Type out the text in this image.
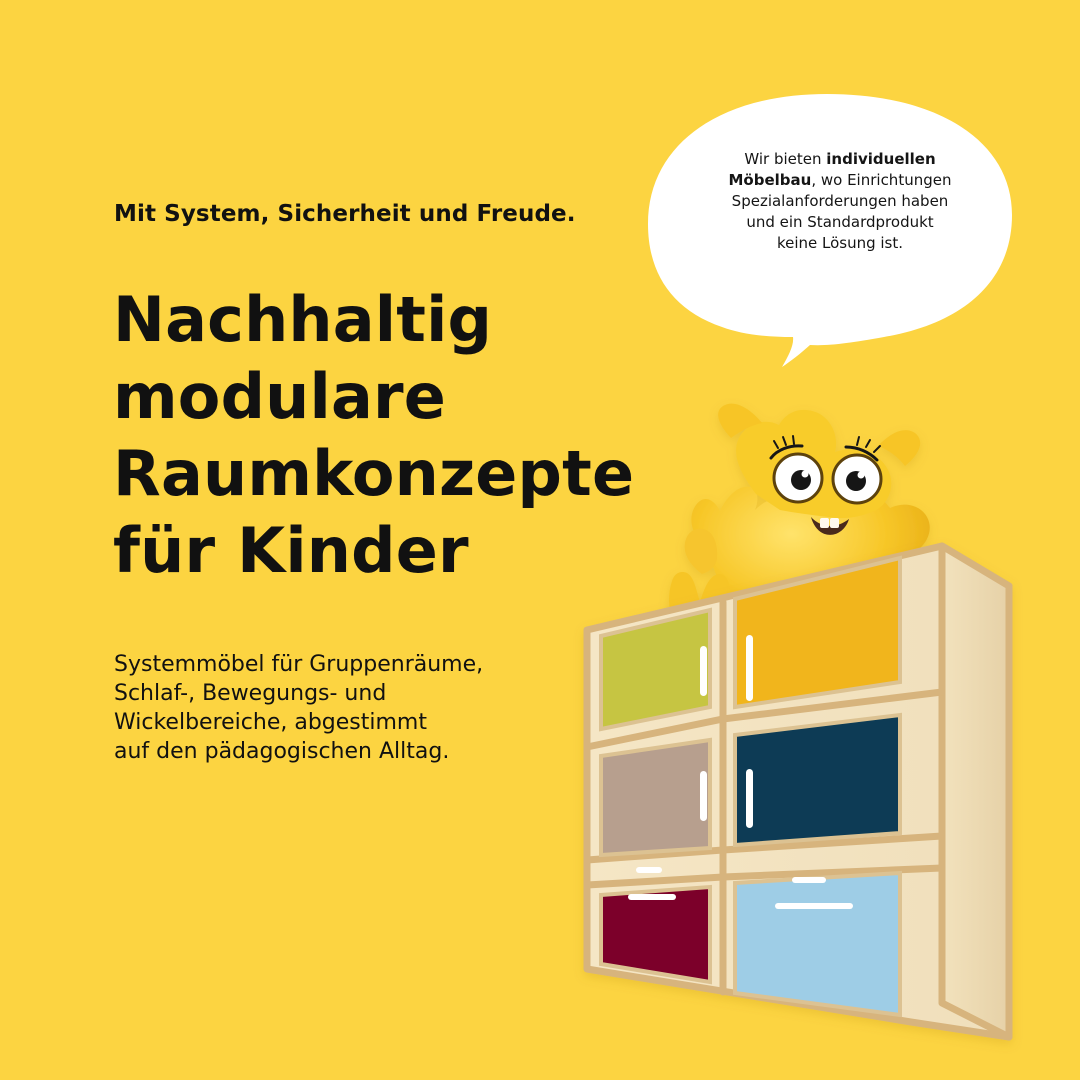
Mit System, Sicherheit und Freude.

Nachhaltig
modulare
Raumkonzepte
für Kinder

Systemmöbel für Gruppenräume,
Schlaf-, Bewegungs- und
Wickelbereiche, abgestimmt
auf den pädagogischen Alltag.

Wir bieten individuellen
Möbelbau, wo Einrichtungen
Spezialanforderungen haben
und ein Standardprodukt
keine Lösung ist.
